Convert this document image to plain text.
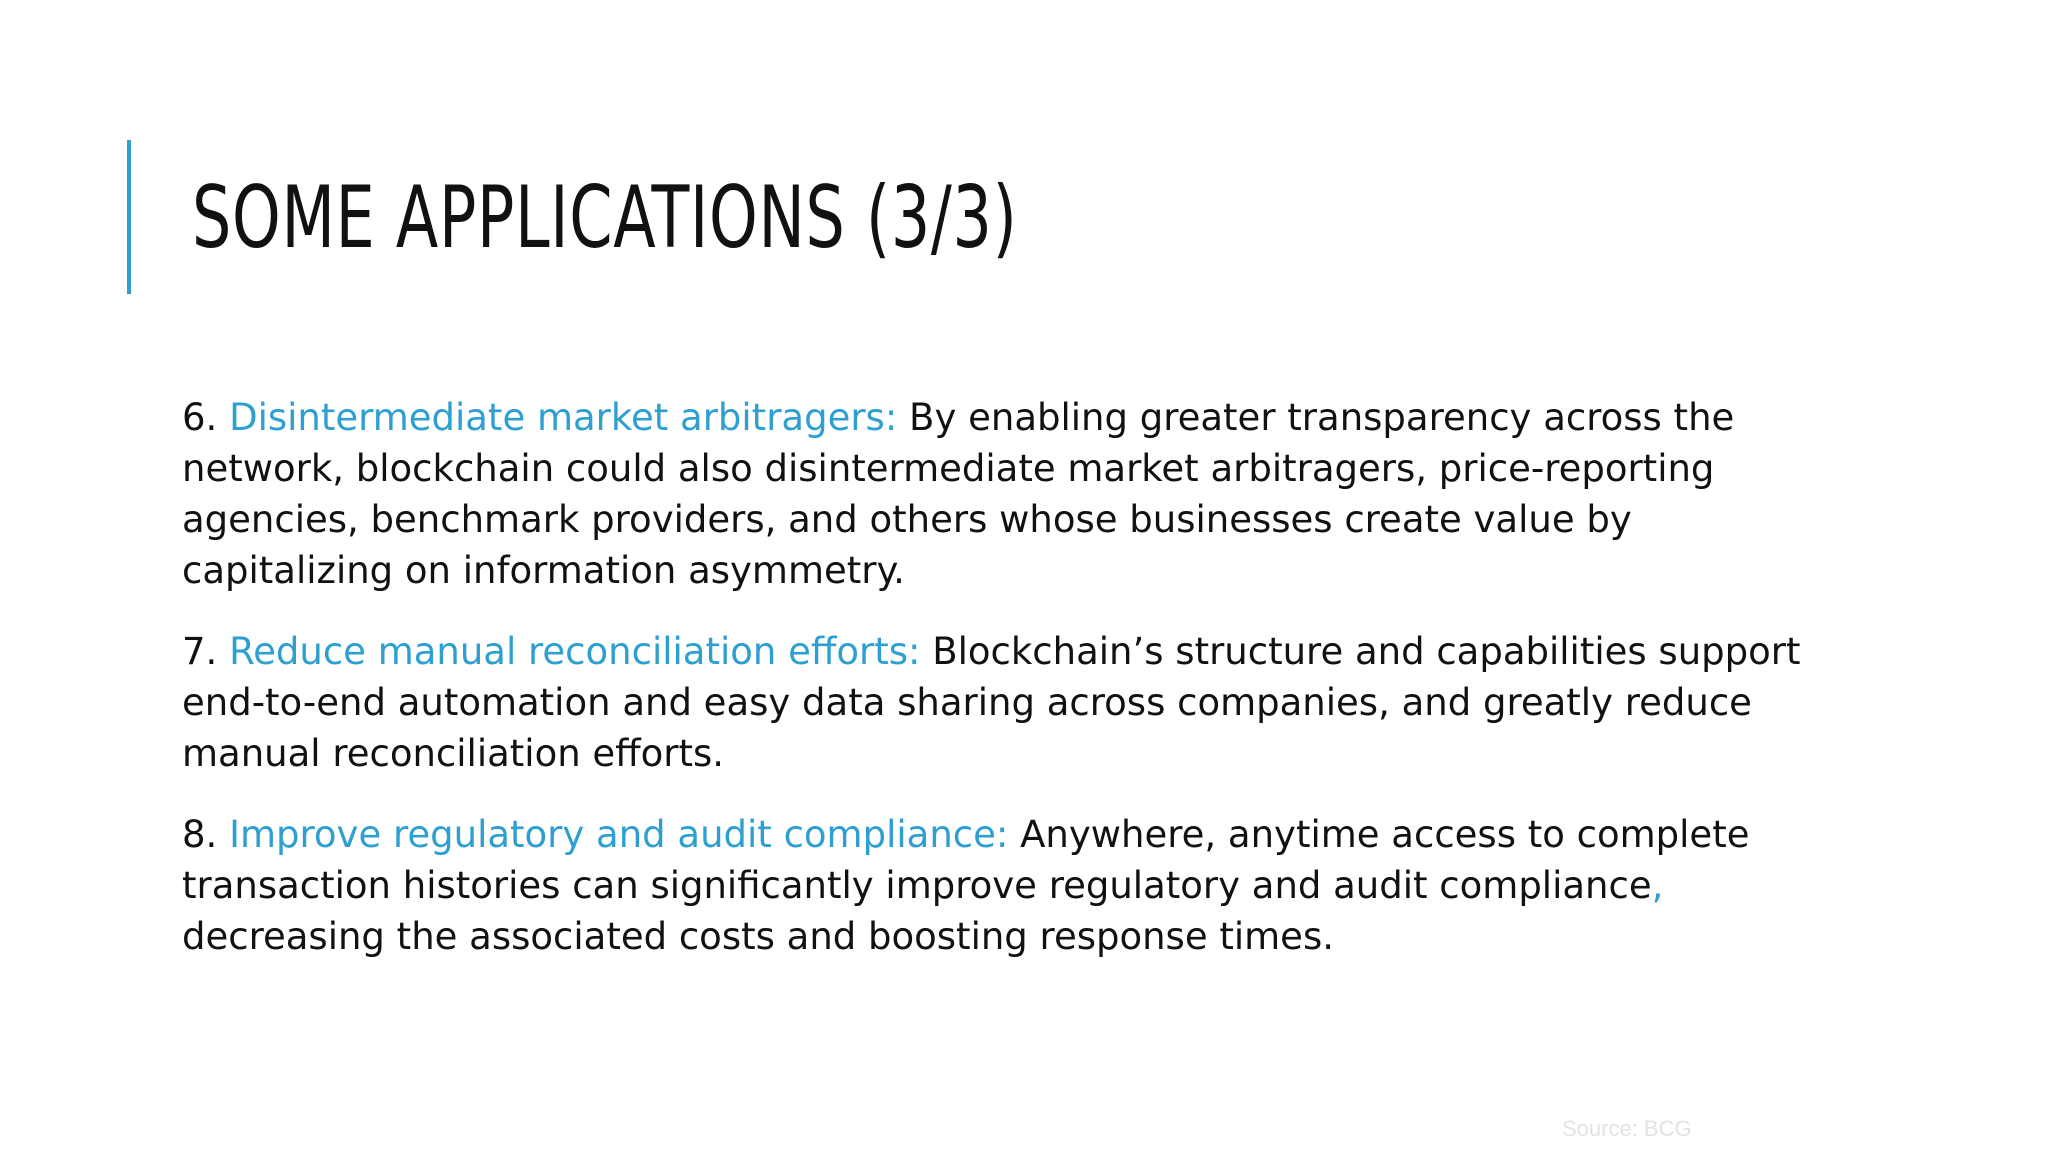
SOME APPLICATIONS (3/3)

6. Disintermediate market arbitragers: By enabling greater transparency across the network, blockchain could also disintermediate market arbitragers, price-reporting agencies, benchmark providers, and others whose businesses create value by capitalizing on information asymmetry.

7. Reduce manual reconciliation efforts: Blockchain’s structure and capabilities support end-to-end automation and easy data sharing across companies, and greatly reduce manual reconciliation efforts.

8. Improve regulatory and audit compliance: Anywhere, anytime access to complete transaction histories can significantly improve regulatory and audit compliance, decreasing the associated costs and boosting response times.

Source: BCG
